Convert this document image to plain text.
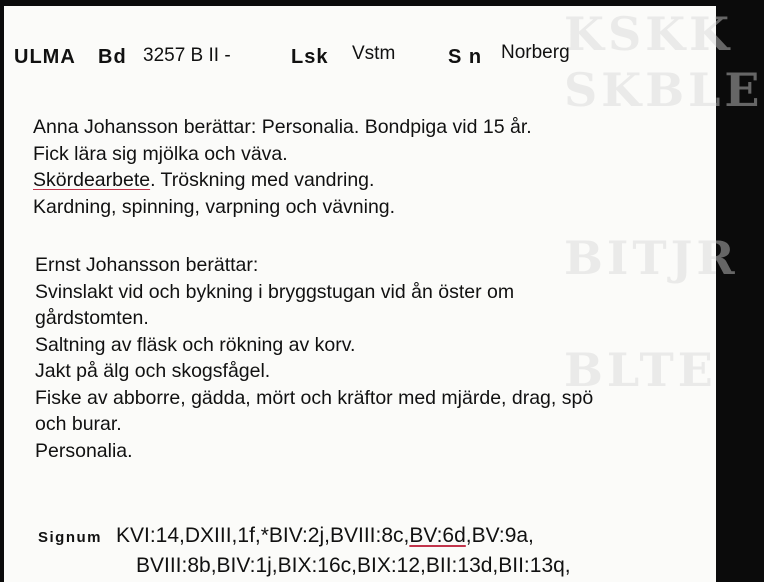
KSKK
SKBLE

BITJR

BLTE

ULMA Bd 3257 B II -	Lsk Vstm	S n Norberg
Anna Johansson berättar: Personalia. Bondpiga vid 15 år.
Fick lära sig mjölka och väva.
Skördearbete. Tröskning med vandring.
Kardning, spinning, varpning och vävning.
Ernst Johansson berättar:
Svinslakt vid och bykning i bryggstugan vid ån öster om
gårdstomten.
Saltning av fläsk och rökning av korv.
Jakt på älg och skogsfågel.
Fiske av abborre, gädda, mört och kräftor med mjärde, drag, spö
och burar.
Personalia.
Signum KVI:14,DXIII,1f,*BIV:2j,BVIII:8c,BV:6d,BV:9a,
BVIII:8b,BIV:1j,BIX:16c,BIX:12,BII:13d,BII:13q,
